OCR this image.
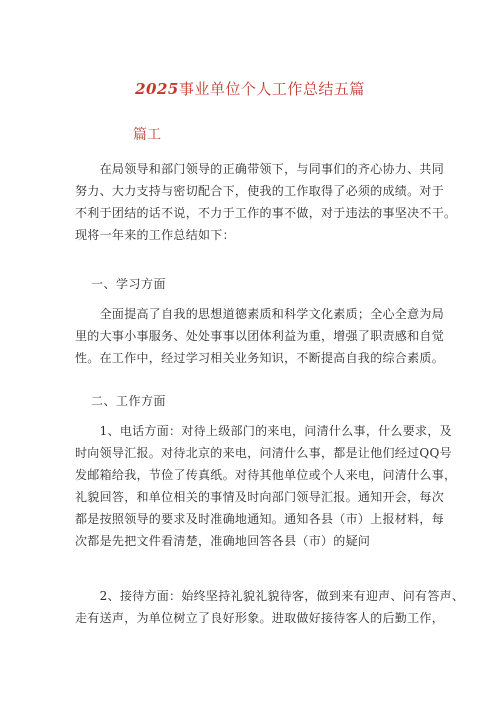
2025事业单位个人工作总结五篇
篇工
　　在局领导和部门领导的正确带领下，与同事们的齐心协力、共同
努力、大力支持与密切配合下，使我的工作取得了必须的成绩。对于
不利于团结的话不说，不力于工作的事不做，对于违法的事坚决不干。
现将一年来的工作总结如下：
一、学习方面
　　全面提高了自我的思想道德素质和科学文化素质；全心全意为局
里的大事小事服务、处处事事以团体利益为重，增强了职责感和自觉
性。在工作中，经过学习相关业务知识，不断提高自我的综合素质。
二、工作方面
　　1、电话方面：对待上级部门的来电，问清什么事，什么要求，及
时向领导汇报。对待北京的来电，问清什么事，都是让他们经过QQ号
发邮箱给我，节俭了传真纸。对待其他单位或个人来电，问清什么事，
礼貌回答，和单位相关的事情及时向部门领导汇报。通知开会，每次
都是按照领导的要求及时准确地通知。通知各县（市）上报材料，每
次都是先把文件看清楚，准确地回答各县（市）的疑问
　　2、接待方面：始终坚持礼貌礼貌待客，做到来有迎声、问有答声、
走有送声，为单位树立了良好形象。进取做好接待客人的后勤工作，
